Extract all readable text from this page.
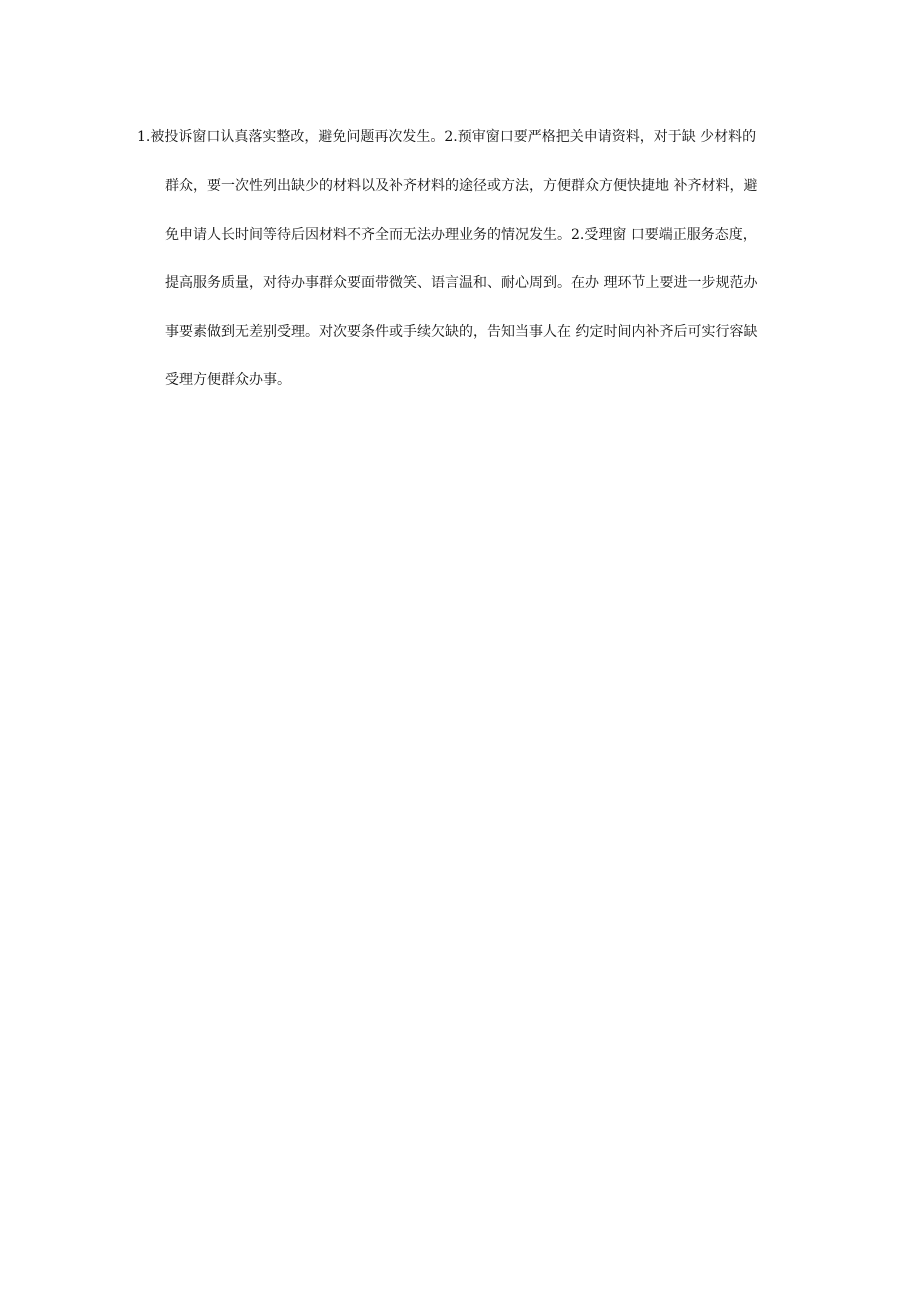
1.被投诉窗口认真落实整改，避免问题再次发生。2.预审窗口要严格把关申请资料，对于缺 少材料的
群众，要一次性列出缺少的材料以及补齐材料的途径或方法，方便群众方便快捷地 补齐材料，避
免申请人长时间等待后因材料不齐全而无法办理业务的情况发生。2.受理窗 口要端正服务态度，
提高服务质量，对待办事群众要面带微笑、语言温和、耐心周到。在办 理环节上要进一步规范办
事要素做到无差别受理。对次要条件或手续欠缺的，告知当事人在 约定时间内补齐后可实行容缺
受理方便群众办事。
